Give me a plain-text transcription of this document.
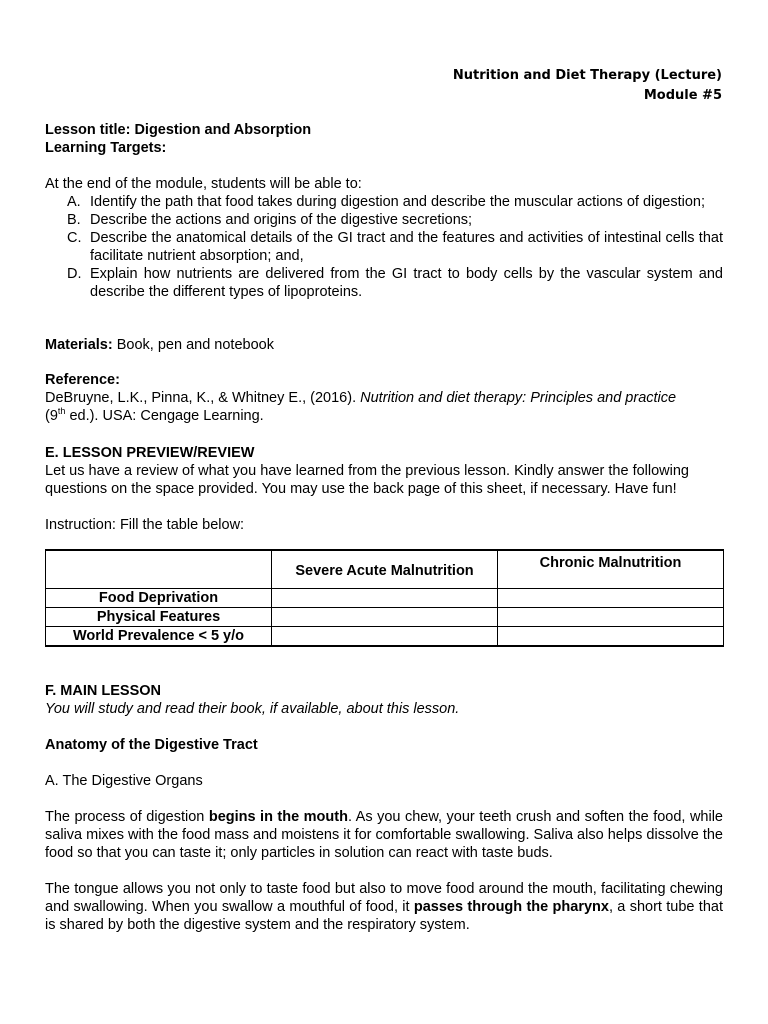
Nutrition and Diet Therapy (Lecture)
Module #5
Lesson title: Digestion and Absorption
Learning Targets:
At the end of the module, students will be able to:
A. Identify the path that food takes during digestion and describe the muscular actions of digestion;
B. Describe the actions and origins of the digestive secretions;
C. Describe the anatomical details of the GI tract and the features and activities of intestinal cells that facilitate nutrient absorption; and,
D. Explain how nutrients are delivered from the GI tract to body cells by the vascular system and describe the different types of lipoproteins.
Materials: Book, pen and notebook
Reference:
DeBruyne, L.K., Pinna, K., & Whitney E., (2016). Nutrition and diet therapy: Principles and practice
(9th ed.). USA: Cengage Learning.
E. LESSON PREVIEW/REVIEW
Let us have a review of what you have learned from the previous lesson. Kindly answer the following questions on the space provided. You may use the back page of this sheet, if necessary. Have fun!
Instruction: Fill the table below:
	Severe Acute Malnutrition	Chronic Malnutrition
Food Deprivation		
Physical Features		
World Prevalence < 5 y/o		
F. MAIN LESSON
You will study and read their book, if available, about this lesson.
Anatomy of the Digestive Tract
A. The Digestive Organs
The process of digestion begins in the mouth. As you chew, your teeth crush and soften the food, while saliva mixes with the food mass and moistens it for comfortable swallowing. Saliva also helps dissolve the food so that you can taste it; only particles in solution can react with taste buds.
The tongue allows you not only to taste food but also to move food around the mouth, facilitating chewing and swallowing. When you swallow a mouthful of food, it passes through the pharynx, a short tube that is shared by both the digestive system and the respiratory system.
